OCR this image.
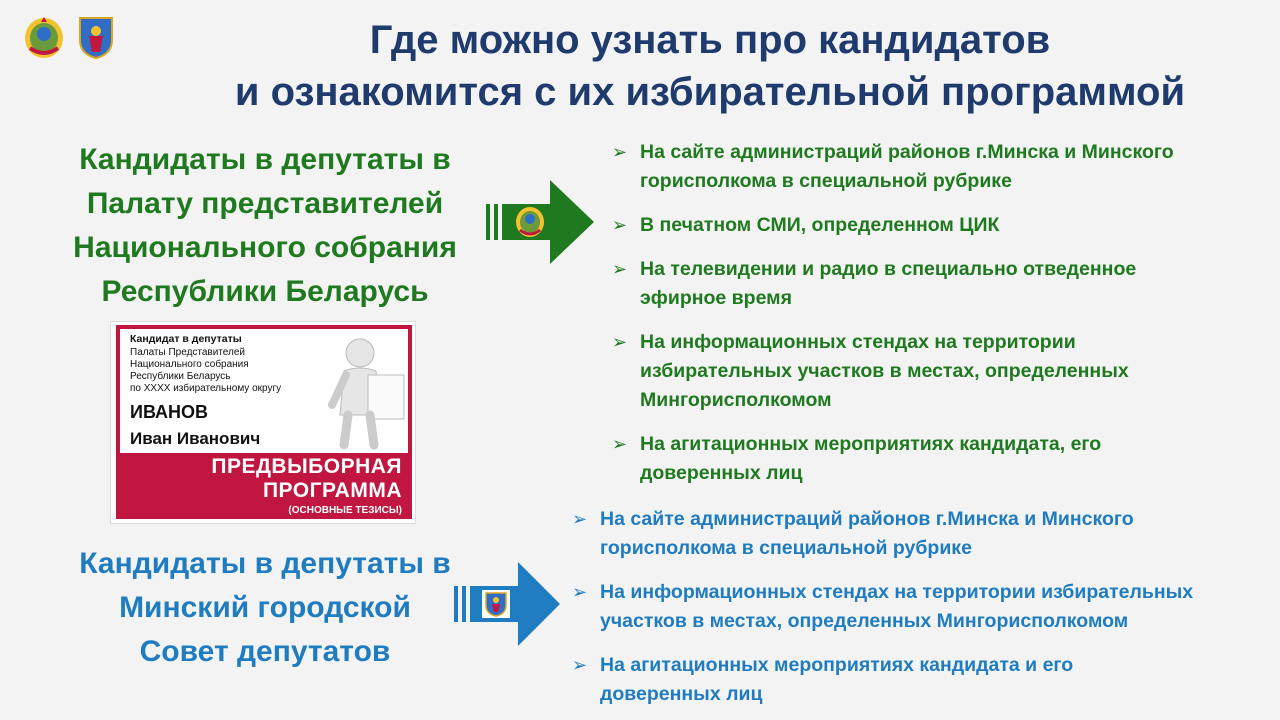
Где можно узнать про кандидатов
и ознакомится с их избирательной программой
Кандидаты в депутаты в
Палату представителей
Национального собрания
Республики Беларусь
➢ На сайте администраций районов г.Минска и Минского
горисполкома в специальной рубрике
➢ В печатном СМИ, определенном ЦИК
➢ На телевидении и радио в специально отведенное
эфирное время
➢ На информационных стендах на территории
избирательных участков в местах, определенных
Мингорисполкомом
➢ На агитационных мероприятиях кандидата, его
доверенных лиц
Кандидат в депутаты
Палаты Представителей
Национального собрания
Республики Беларусь
по ХХХХ избирательному округу
ИВАНОВ
Иван Иванович
ПРЕДВЫБОРНАЯ
ПРОГРАММА
(ОСНОВНЫЕ ТЕЗИСЫ)
Кандидаты в депутаты в
Минский городской
Совет депутатов
➢ На сайте администраций районов г.Минска и Минского
горисполкома в специальной рубрике
➢ На информационных стендах на территории избирательных
участков в местах, определенных Мингорисполкомом
➢ На агитационных мероприятиях кандидата и его
доверенных лиц
